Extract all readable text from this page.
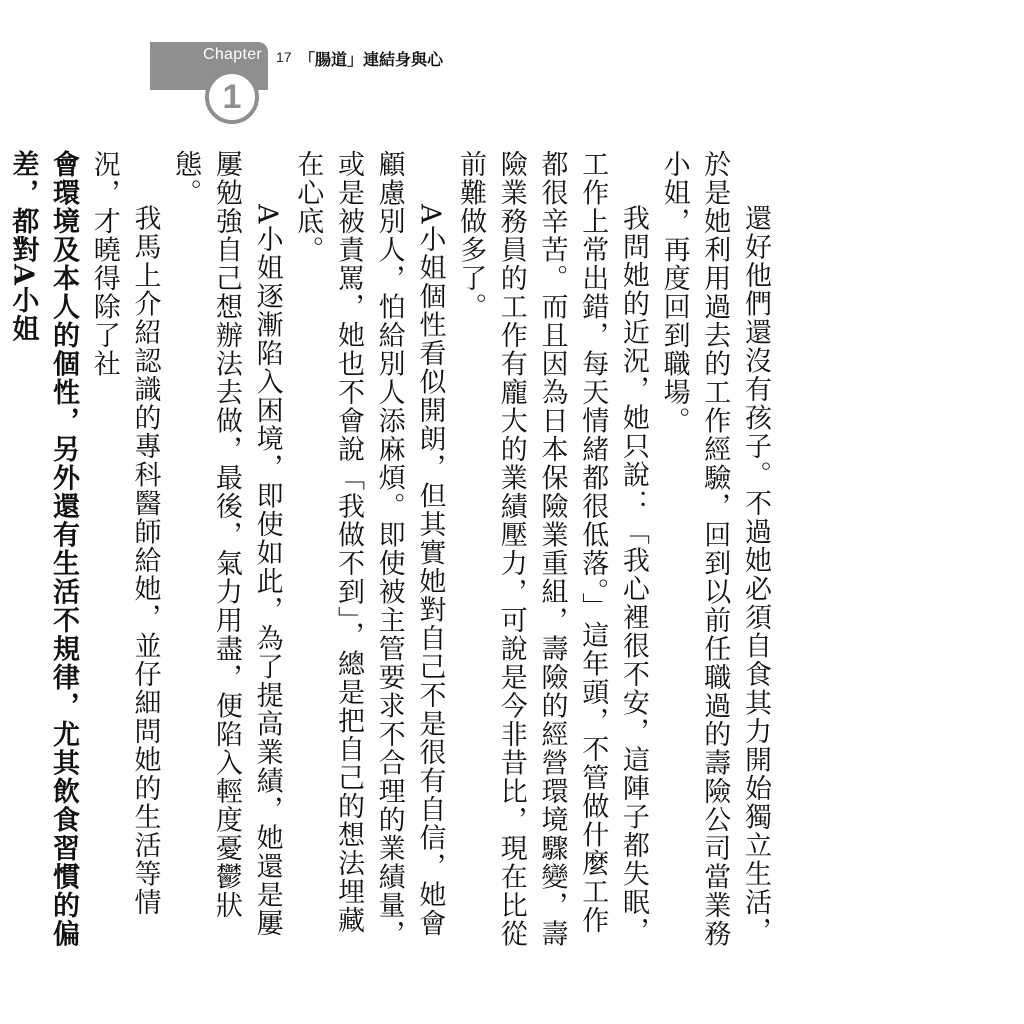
Chapter
1
17 「腸道」連結身與心

還好他們還沒有孩子。不過她必須自食其力開始獨立生活，於是她利用過去的工作經驗，回到以前任職過的壽險公司當業務小姐，再度回到職場。

我問她的近況，她只說：「我心裡很不安，這陣子都失眠，工作上常出錯，每天情緒都很低落。」這年頭，不管做什麼工作都很辛苦。而且因為日本保險業重組，壽險的經營環境驟變，壽險業務員的工作有龐大的業績壓力，可說是今非昔比，現在比從前難做多了。

A小姐個性看似開朗，但其實她對自己不是很有自信，她會顧慮別人，怕給別人添麻煩。即使被主管要求不合理的業績量，或是被責罵，她也不會說「我做不到」，總是把自己的想法埋藏在心底。

A小姐逐漸陷入困境，即使如此，為了提高業績，她還是屢屢勉強自己想辦法去做，最後，氣力用盡，便陷入輕度憂鬱狀態。

我馬上介紹認識的專科醫師給她，並仔細問她的生活等情況，才曉得除了社

會環境及本人的個性，另外還有生活不規律，尤其飲食習慣的偏差，都對A小姐
